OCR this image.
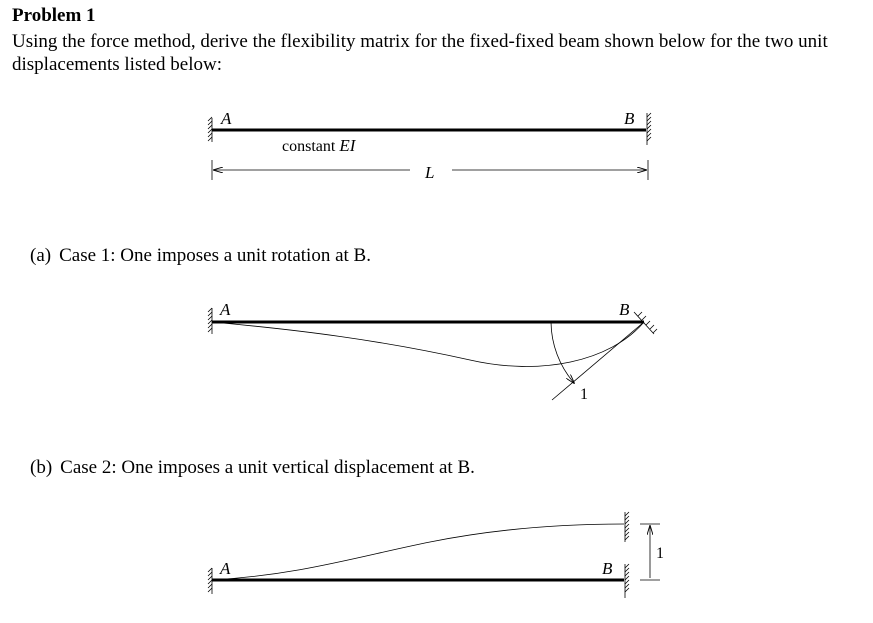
Problem 1
Using the force method, derive the flexibility matrix for the fixed-fixed beam shown below for the two unit displacements listed below:
(a) Case 1: One imposes a unit rotation at B.
(b) Case 2: One imposes a unit vertical displacement at B.
A	B
constant EI
L
A	B
1
A	B
1
